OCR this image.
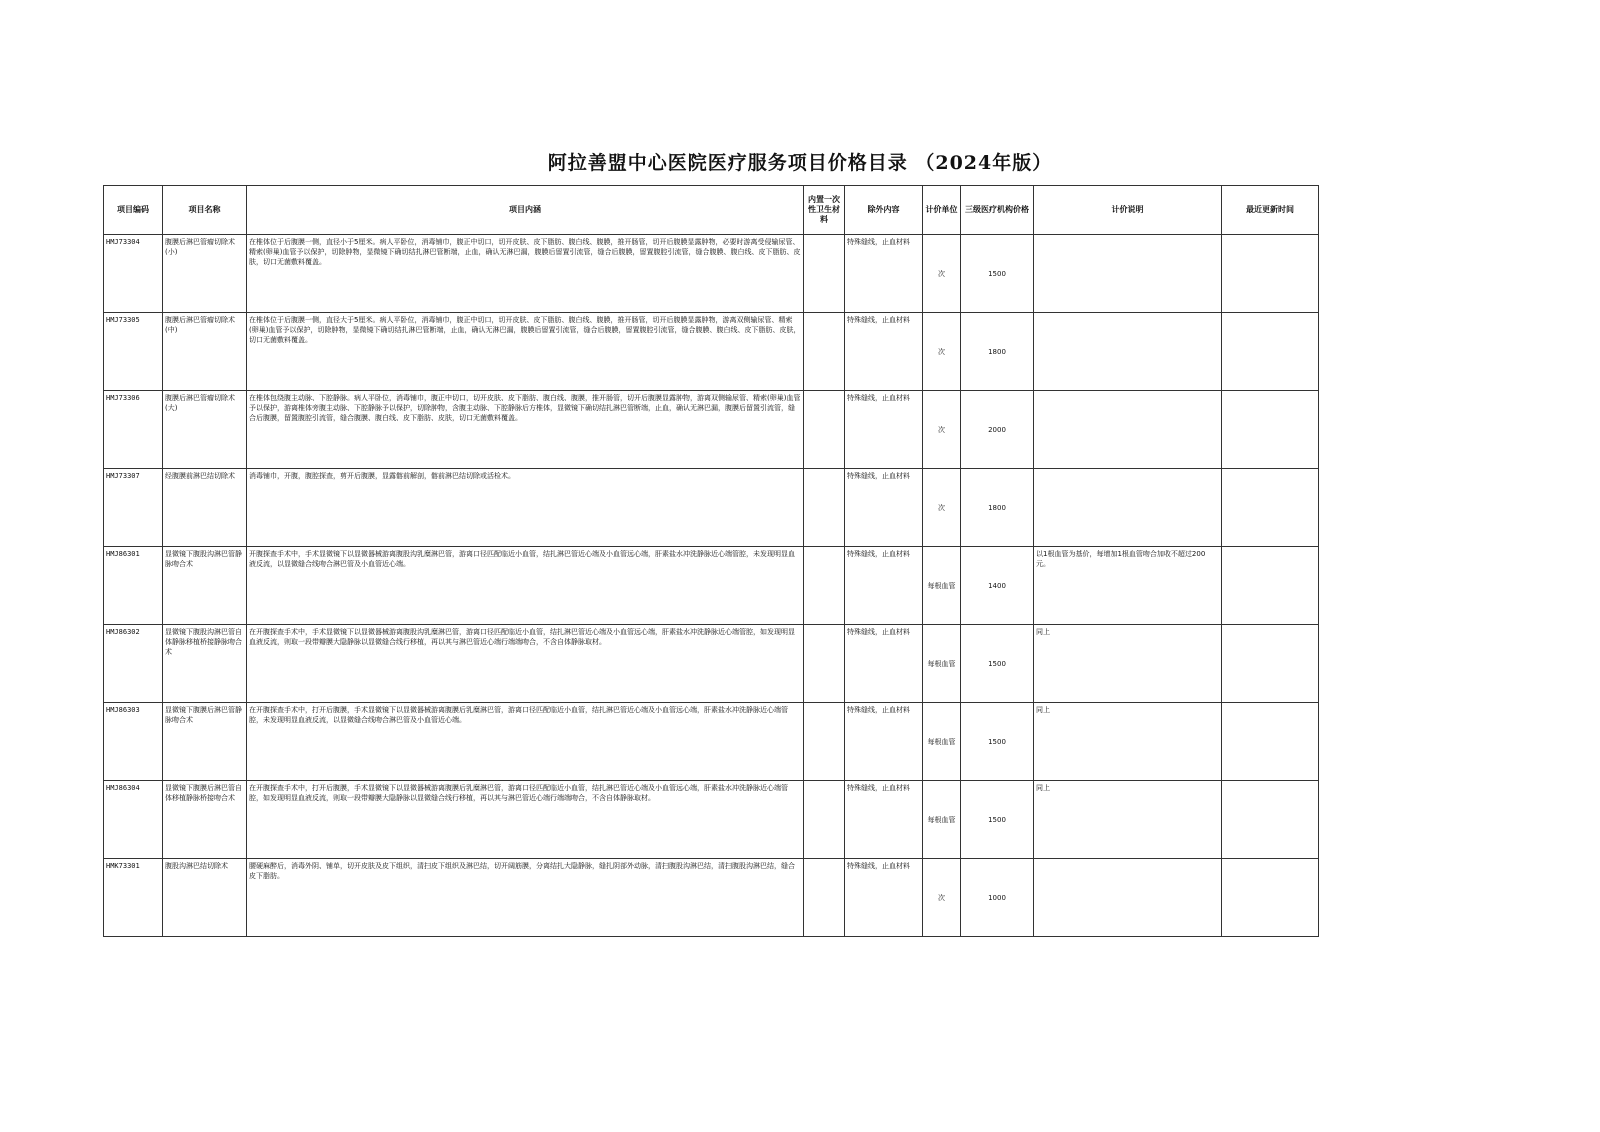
阿拉善盟中心医院医疗服务项目价格目录 （2024年版）
项目编码	项目名称	项目内涵	内置一次性卫生材料	除外内容	计价单位	三级医疗机构价格	计价说明	最近更新时间
HMJ73304	腹膜后淋巴管瘤切除术(小)	在椎体位于后腹膜一侧，直径小于5厘米。病人平卧位，消毒铺巾，腹正中切口，切开皮肤、皮下脂肪、腹白线、腹膜，推开肠管，切开后腹膜显露肿物，必要时游离受侵输尿管、精索(卵巢)血管予以保护，切除肿物，显微镜下确切结扎淋巴管断端，止血，确认无淋巴漏，腹膜后留置引流管，缝合后腹膜，留置腹腔引流管，缝合腹膜、腹白线、皮下脂肪、皮肤，切口无菌敷料覆盖。		特殊缝线，止血材料	次	1500		
HMJ73305	腹膜后淋巴管瘤切除术(中)	在椎体位于后腹膜一侧，直径大于5厘米。病人平卧位，消毒铺巾，腹正中切口，切开皮肤、皮下脂肪、腹白线、腹膜，推开肠管，切开后腹膜显露肿物，游离双侧输尿管、精索(卵巢)血管予以保护，切除肿物，显微镜下确切结扎淋巴管断端，止血，确认无淋巴漏，腹膜后留置引流管，缝合后腹膜，留置腹腔引流管，缝合腹膜、腹白线、皮下脂肪、皮肤，切口无菌敷料覆盖。		特殊缝线，止血材料	次	1800		
HMJ73306	腹膜后淋巴管瘤切除术(大)	在椎体包绕腹主动脉、下腔静脉。病人平卧位，消毒铺巾，腹正中切口，切开皮肤、皮下脂肪、腹白线、腹膜，推开肠管，切开后腹膜显露肿物，游离双侧输尿管、精索(卵巢)血管予以保护，游离椎体旁腹主动脉、下腔静脉予以保护，切除肿物，含腹主动脉、下腔静脉后方椎体，显微镜下确切结扎淋巴管断端，止血，确认无淋巴漏，腹膜后留置引流管，缝合后腹膜，留置腹腔引流管，缝合腹膜、腹白线、皮下脂肪、皮肤，切口无菌敷料覆盖。		特殊缝线，止血材料	次	2000		
HMJ73307	经腹膜前淋巴结切除术	消毒铺巾，开腹，腹腔探查，剪开后腹膜，显露髂前解剖，髂前淋巴结切除或活检术。		特殊缝线，止血材料	次	1800		
HMJ86301	显微镜下腹股沟淋巴管静脉吻合术	开腹探查手术中，手术显微镜下以显微器械游离腹股沟乳糜淋巴管，游离口径匹配临近小血管，结扎淋巴管近心端及小血管远心端，肝素盐水冲洗静脉近心端管腔，未发现明显血液反流，以显微缝合线吻合淋巴管及小血管近心端。		特殊缝线，止血材料	每根血管	1400	以1根血管为基价，每增加1根血管吻合加收不超过200元。	
HMJ86302	显微镜下腹股沟淋巴管自体静脉移植桥接静脉吻合术	在开腹探查手术中，手术显微镜下以显微器械游离腹股沟乳糜淋巴管，游离口径匹配临近小血管，结扎淋巴管近心端及小血管远心端，肝素盐水冲洗静脉近心端管腔，如发现明显血液反流，则取一段带瓣膜大隐静脉以显微缝合线行移植，再以其与淋巴管近心端行端端吻合，不含自体静脉取材。		特殊缝线，止血材料	每根血管	1500	同上	
HMJ86303	显微镜下腹膜后淋巴管静脉吻合术	在开腹探查手术中，打开后腹膜，手术显微镜下以显微器械游离腹膜后乳糜淋巴管，游离口径匹配临近小血管，结扎淋巴管近心端及小血管远心端，肝素盐水冲洗静脉近心端管腔，未发现明显血液反流，以显微缝合线吻合淋巴管及小血管近心端。		特殊缝线，止血材料	每根血管	1500	同上	
HMJ86304	显微镜下腹膜后淋巴管自体移植静脉桥接吻合术	在开腹探查手术中，打开后腹膜，手术显微镜下以显微器械游离腹膜后乳糜淋巴管，游离口径匹配临近小血管，结扎淋巴管近心端及小血管远心端，肝素盐水冲洗静脉近心端管腔，如发现明显血液反流，则取一段带瓣膜大隐静脉以显微缝合线行移植，再以其与淋巴管近心端行端端吻合，不含自体静脉取材。		特殊缝线，止血材料	每根血管	1500	同上	
HMK73301	腹股沟淋巴结切除术	腰硬麻醉后，消毒外阴、铺单，切开皮肤及皮下组织，清扫皮下组织及淋巴结，切开阔筋膜，分离结扎大隐静脉，缝扎阴部外动脉，清扫腹股沟淋巴结，清扫腹股沟淋巴结，缝合皮下脂肪。		特殊缝线，止血材料	次	1000		
